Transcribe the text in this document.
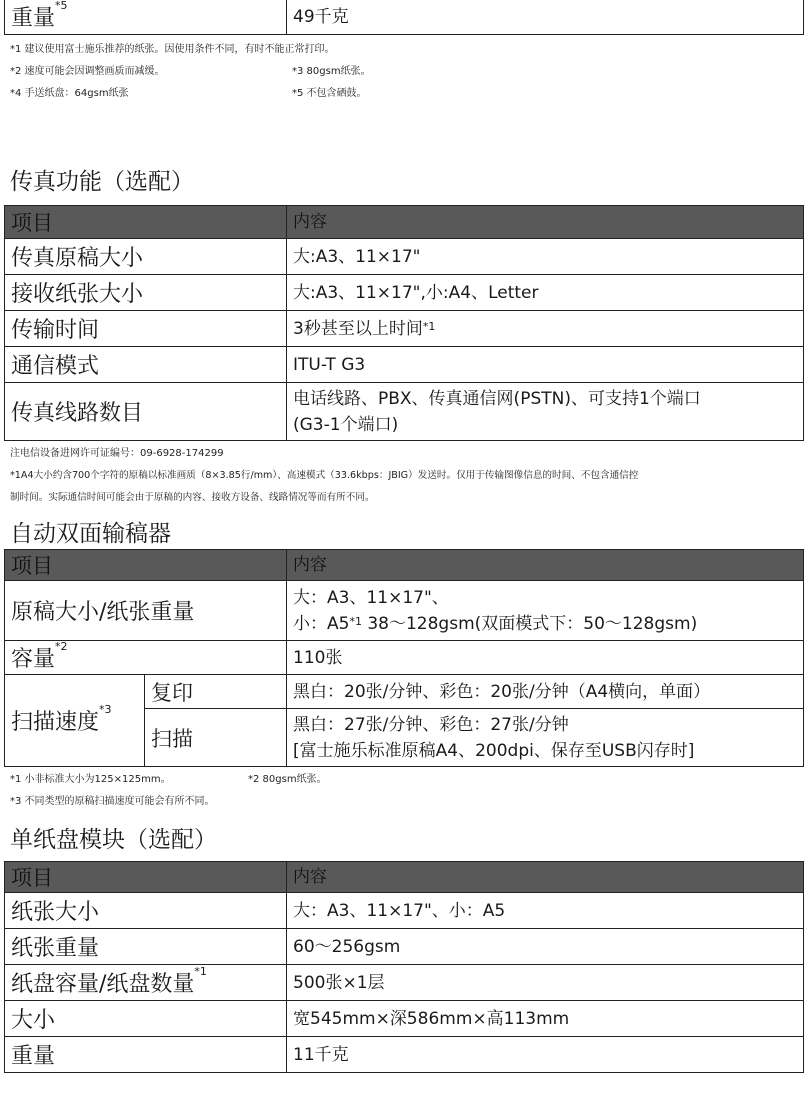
重量$^{*5}$	49千克
*1 建议使用富士施乐推荐的纸张。因使用条件不同，有时不能正常打印。
*2 速度可能会因调整画质而减缓。	*3 80gsm纸张。
*4 手送纸盘：64gsm纸张	*5 不包含硒鼓。
传真功能（选配）
项目	内容
传真原稿大小	大:A3、11×17"
接收纸张大小	大:A3、11×17",小:A4、Letter
传输时间	3秒甚至以上时间$^{*1}$
通信模式	ITU-T G3
传真线路数目	电话线路、PBX、传真通信网(PSTN)、可支持1个端口
(G3-1个端口)
注电信设备进网许可证编号：09-6928-174299
*1A4大小约含700个字符的原稿以标准画质（8×3.85行/mm）、高速模式（33.6kbps：JBIG）发送时。仅用于传输图像信息的时间、不包含通信控
制时间。实际通信时间可能会由于原稿的内容、接收方设备、线路情况等而有所不同。
自动双面输稿器
项目		内容
原稿大小/纸张重量		大：A3、11×17"、
小：A5$^{*1}$ 38～128gsm(双面模式下：50～128gsm)

容量$^{*2}$		110张
扫描速度$^{*3}$	复印	黑白：20张/分钟、彩色：20张/分钟（A4横向，单面）
	扫描	黑白：27张/分钟、彩色：27张/分钟
[富士施乐标准原稿A4、200dpi、保存至USB闪存时]
*1 小非标准大小为125×125mm。	*2 80gsm纸张。
*3 不同类型的原稿扫描速度可能会有所不同。
单纸盘模块（选配）
项目	内容
纸张大小	大：A3、11×17"、小：A5
纸张重量	60～256gsm
纸盘容量/纸盘数量$^{*1}$	500张×1层
大小	宽545mm×深586mm×高113mm
重量	11千克
